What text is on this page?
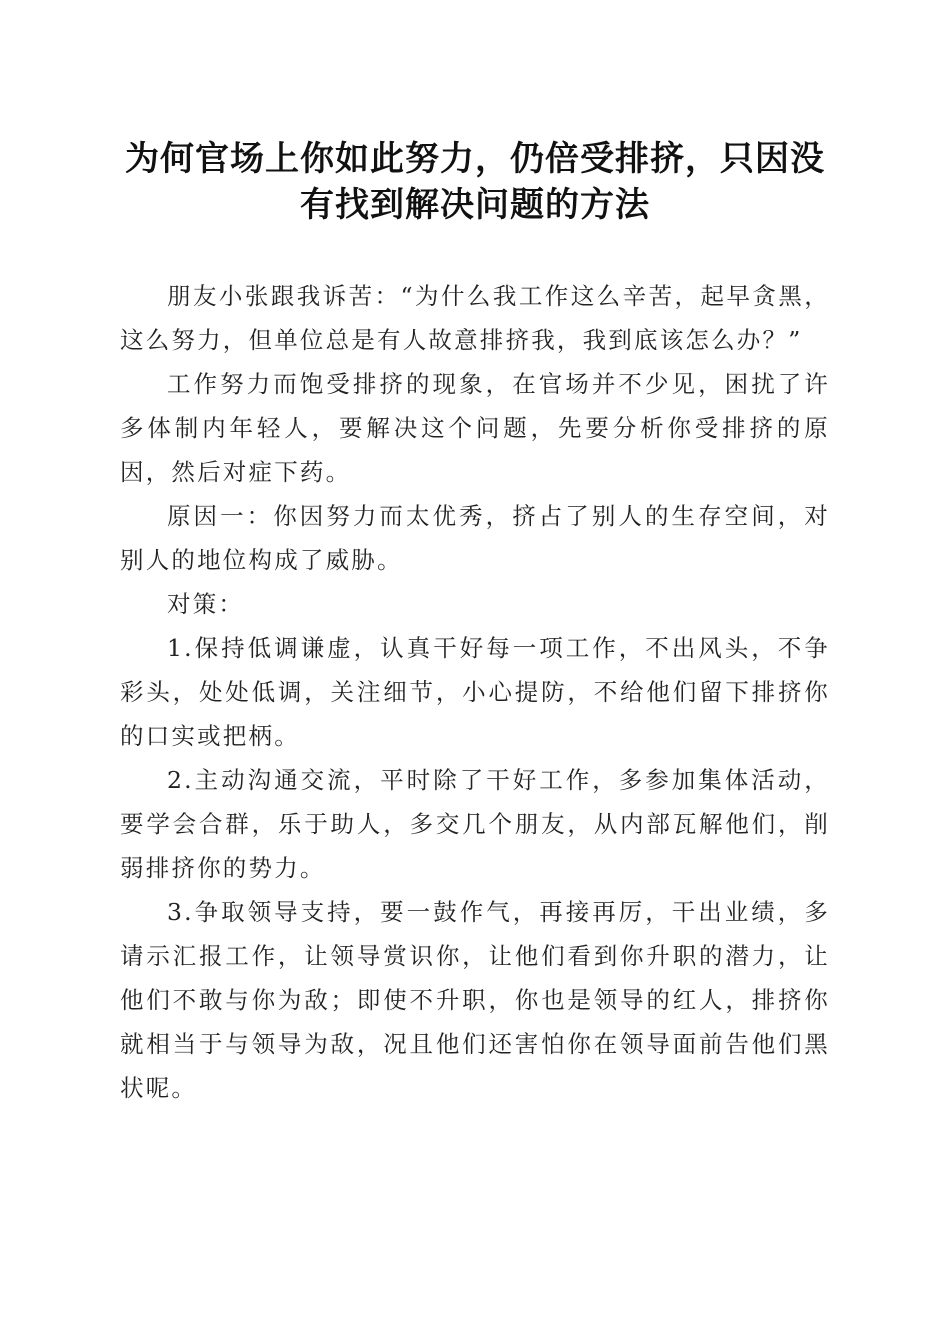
为何官场上你如此努力，仍倍受排挤，只因没
有找到解决问题的方法

朋友小张跟我诉苦：“为什么我工作这么辛苦，起早贪黑，这么努力，但单位总是有人故意排挤我，我到底该怎么办？”

工作努力而饱受排挤的现象，在官场并不少见，困扰了许多体制内年轻人，要解决这个问题，先要分析你受排挤的原因，然后对症下药。

原因一：你因努力而太优秀，挤占了别人的生存空间，对别人的地位构成了威胁。

对策：

1.保持低调谦虚，认真干好每一项工作，不出风头，不争彩头，处处低调，关注细节，小心提防，不给他们留下排挤你的口实或把柄。

2.主动沟通交流，平时除了干好工作，多参加集体活动，要学会合群，乐于助人，多交几个朋友，从内部瓦解他们，削弱排挤你的势力。

3.争取领导支持，要一鼓作气，再接再厉，干出业绩，多请示汇报工作，让领导赏识你，让他们看到你升职的潜力，让他们不敢与你为敌；即使不升职，你也是领导的红人，排挤你就相当于与领导为敌，况且他们还害怕你在领导面前告他们黑状呢。
